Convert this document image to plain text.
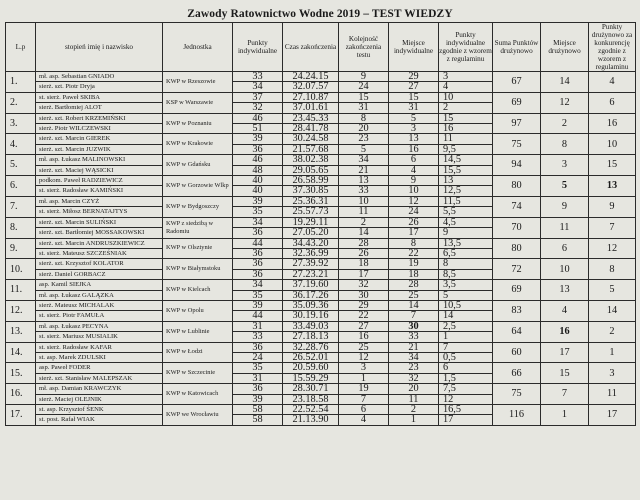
Zawody Ratownictwo Wodne 2019 – TEST WIEDZY
L.p	stopień imię i nazwisko	Jednostka	Punkty indywidualne	Czas zakończenia	Kolejność zakończenia testu	Miejsce indywidualne	Punkty indywidualne zgodnie z wzorem z regulaminu	Suma Punktów drużynowo	Miejsce drużynowo	Punkty drużynowo za konkurencję zgodnie z wzorem z regulaminu
1.	mł. asp. Sebastian GNIADO	KWP w Rzeszowie	33	24.24.15	9	29	3	67	14	4
	sierż. szt. Piotr Dryja		34	32.07.57	24	27	4			
2.	st. sierż. Paweł SKIBA	KSP w Warszawie	37	27.10.87	15	15	10	69	12	6
	sierż. Bartłomiej ALOT		32	37.01.61	31	31	2			
3.	sierż. szt. Robert KRZEMIŃSKI	KWP w Poznaniu	46	23.45.33	8	5	15	97	2	16
	sierż. Piotr WILCZEWSKI		51	28.41.78	20	3	16			
4.	sierż. szt. Marcin GIEREK	KWP w Krakowie	39	30.24.58	23	13	11	75	8	10
	sierż. szt. Marcin JUZWIK		36	21.57.68	5	16	9,5			
5.	mł. asp. Łukasz MALINOWSKI	KWP w Gdańsku	46	38.02.38	34	6	14,5	94	3	15
	sierż. szt. Maciej WĄSICKI		48	29.05.65	21	4	15,5			
6.	podkom. Paweł RADZIEWICZ	KWP w Gorzowie Wlkp	40	26.58.99	13	9	13	80	5	13
	st. sierż. Radosław KAMIŃSKI		40	37.30.85	33	10	12,5			
7.	mł. asp. Marcin CZYŻ	KWP w Bydgoszczy	39	25.36.31	10	12	11,5	74	9	9
	st. sierż. Miłosz BERNATAJTYS		35	25.57.73	11	24	5,5			
8.	sierż. szt. Marcin SULIŃSKI	KWP z siedzibą w Radomiu	34	19.29.11	2	26	4,5	70	11	7
	sierż. szt. Bartłomiej MOSSAKOWSKI		36	27.05.20	14	17	9			
9.	sierż. szt. Marcin ANDRUSZKIEWICZ	KWP w Olsztynie	44	34.43.20	28	8	13,5	80	6	12
	st. sierż. Mateusz SZCZEŚNIAK		36	32.36.99	26	22	6,5			
10.	sierż. szt. Krzysztof KOLATOR	KWP w Białymstoku	36	27.39.92	18	19	8	72	10	8
	sierż. Daniel GORBACZ		36	27.23.21	17	18	8,5			
11.	asp. Kamil SIEJKA	KWP w Kielcach	34	37.19.60	32	28	3,5	69	13	5
	mł. asp. Łukasz GALĄZKA		35	36.17.26	30	25	5			
12.	sierż. Mateusz MICHALAK	KWP w Opolu	39	35.09.36	29	14	10,5	83	4	14
	st. sierż. Piotr FAMUŁA		44	30.19.16	22	7	14			
13.	mł. asp. Łukasz PECYNA	KWP w Lublinie	31	33.49.03	27	30	2,5	64	16	2
	st. sierż. Mariusz MUSIALIK		33	27.18.13	16	33	1			
14.	st. sierż. Radosław KAFAR	KWP w Łodzi	36	32.28.76	25	21	7	60	17	1
	st. asp. Marek ZDULSKI		24	26.52.01	12	34	0,5			
15.	asp. Paweł FODER	KWP w Szczecinie	35	20.59.60	3	23	6	66	15	3
	sierż. szt. Stanisław MALEPSZAK		31	15.59.29	1	32	1,5			
16.	mł. asp. Damian KRAWCZYK	KWP w Katowicach	36	28.30.71	19	20	7,5	75	7	11
	sierż. Maciej OLEJNIK		39	23.18.58	7	11	12			
17.	st. asp. Krzysztof ŚENK	KWP we Wrocławiu	58	22.52.54	6	2	16,5	116	1	17
	st. post. Rafał WIAK		58	21.13.90	4	1	17			
